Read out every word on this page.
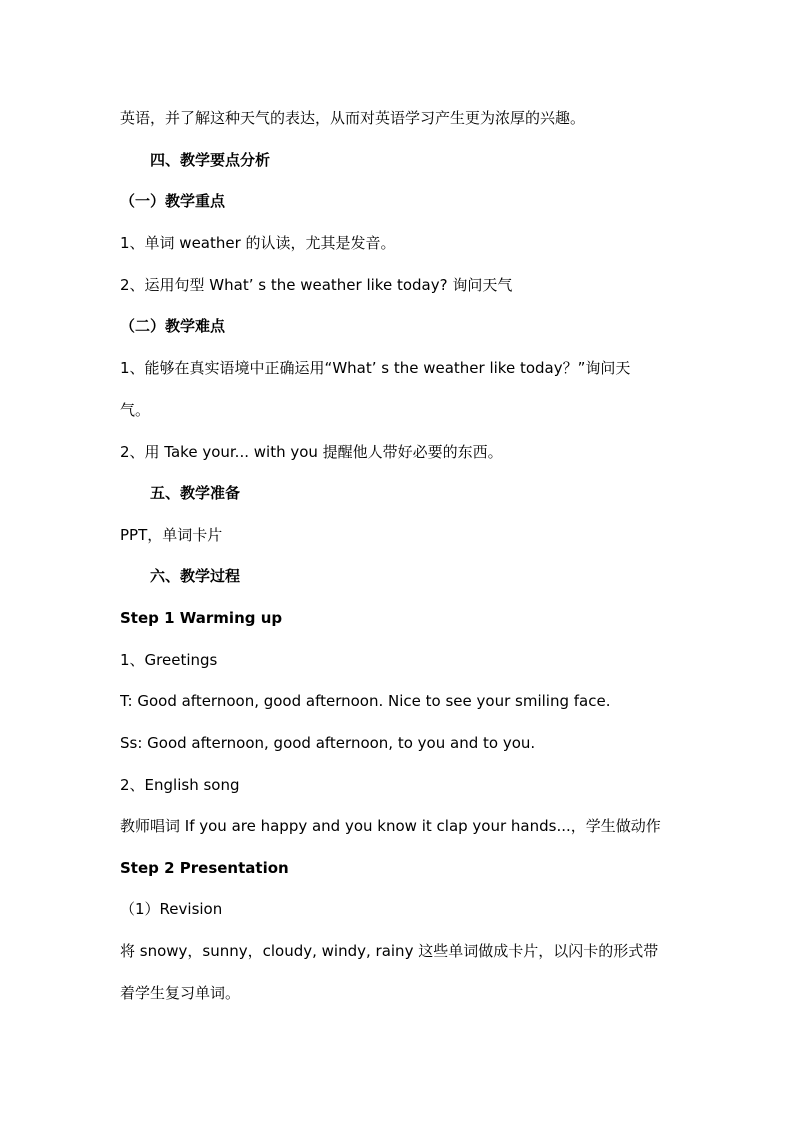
英语，并了解这种天气的表达，从而对英语学习产生更为浓厚的兴趣。
四、教学要点分析
（一）教学重点
1、单词 weather 的认读，尤其是发音。
2、运用句型 What’ s the weather like today? 询问天气
（二）教学难点
1、能够在真实语境中正确运用“What’ s the weather like today？”询问天
气。
2、用 Take your... with you 提醒他人带好必要的东西。
五、教学准备
PPT，单词卡片
六、教学过程
Step 1 Warming up
1、Greetings
T: Good afternoon, good afternoon. Nice to see your smiling face.
Ss: Good afternoon, good afternoon, to you and to you.
2、English song
教师唱词 If you are happy and you know it clap your hands...，学生做动作
Step 2 Presentation
（1）Revision
将 snowy，sunny，cloudy, windy, rainy 这些单词做成卡片，以闪卡的形式带
着学生复习单词。
